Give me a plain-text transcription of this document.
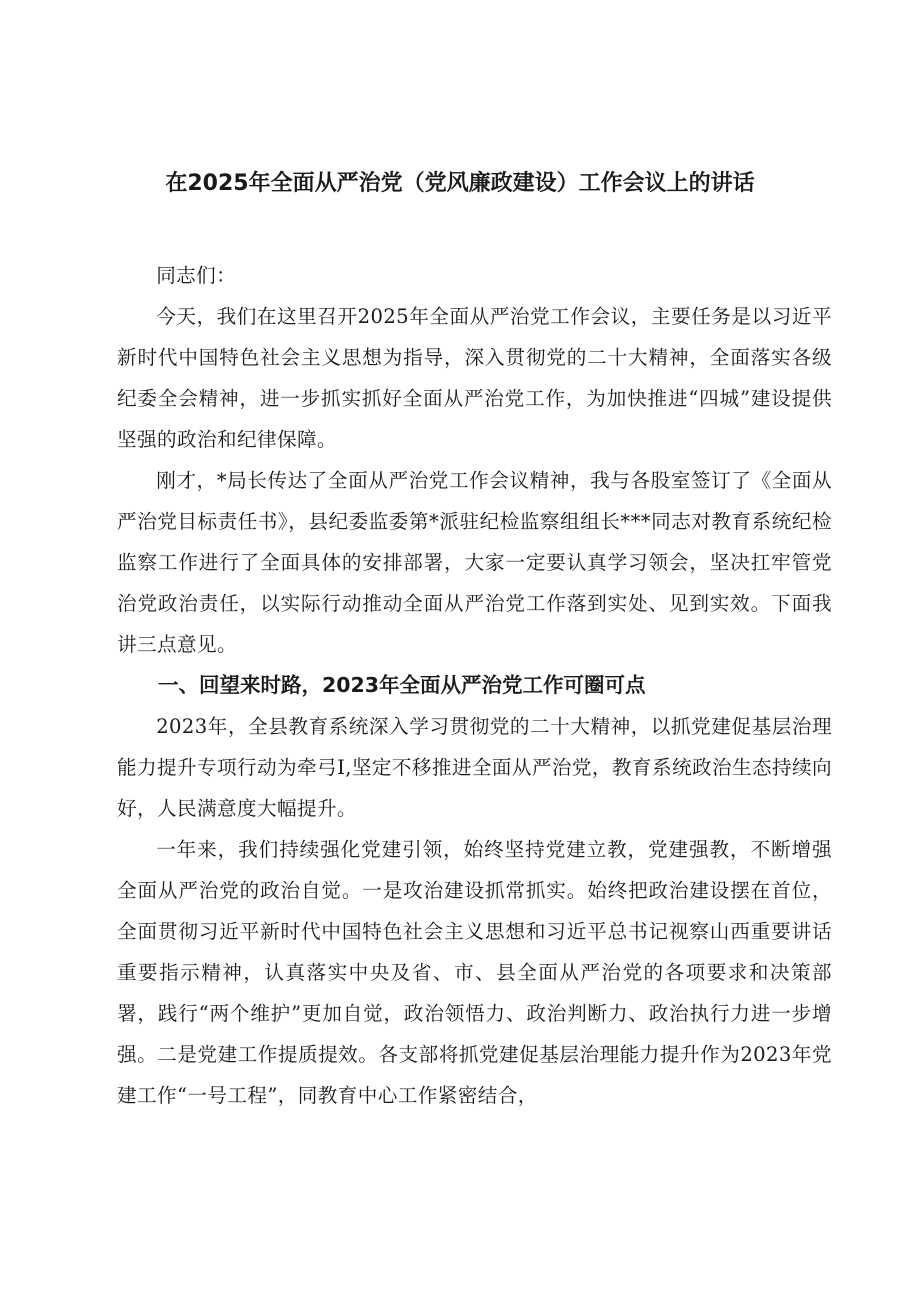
在2025年全面从严治党（党风廉政建设）工作会议上的讲话

同志们：

今天，我们在这里召开2025年全面从严治党工作会议，主要任务是以习近平新时代中国特色社会主义思想为指导，深入贯彻党的二十大精神，全面落实各级纪委全会精神，进一步抓实抓好全面从严治党工作，为加快推进“四城”建设提供坚强的政治和纪律保障。

刚才，*局长传达了全面从严治党工作会议精神，我与各股室签订了《全面从严治党目标责任书》，县纪委监委第*派驻纪检监察组组长***同志对教育系统纪检监察工作进行了全面具体的安排部署，大家一定要认真学习领会，坚决扛牢管党治党政治责任，以实际行动推动全面从严治党工作落到实处、见到实效。下面我讲三点意见。

一、回望来时路，2023年全面从严治党工作可圈可点

2023年，全县教育系统深入学习贯彻党的二十大精神，以抓党建促基层治理能力提升专项行动为牵弓I,坚定不移推进全面从严治党，教育系统政治生态持续向好，人民满意度大幅提升。

一年来，我们持续强化党建引领，始终坚持党建立教，党建强教，不断增强全面从严治党的政治自觉。一是攻治建设抓常抓实。始终把政治建设摆在首位，全面贯彻习近平新时代中国特色社会主义思想和习近平总书记视察山西重要讲话重要指示精神，认真落实中央及省、市、县全面从严治党的各项要求和决策部署，践行“两个维护”更加自觉，政治领悟力、政治判断力、政治执行力进一步增强。二是党建工作提质提效。各支部将抓党建促基层治理能力提升作为2023年党建工作“一号工程”，同教育中心工作紧密结合，
